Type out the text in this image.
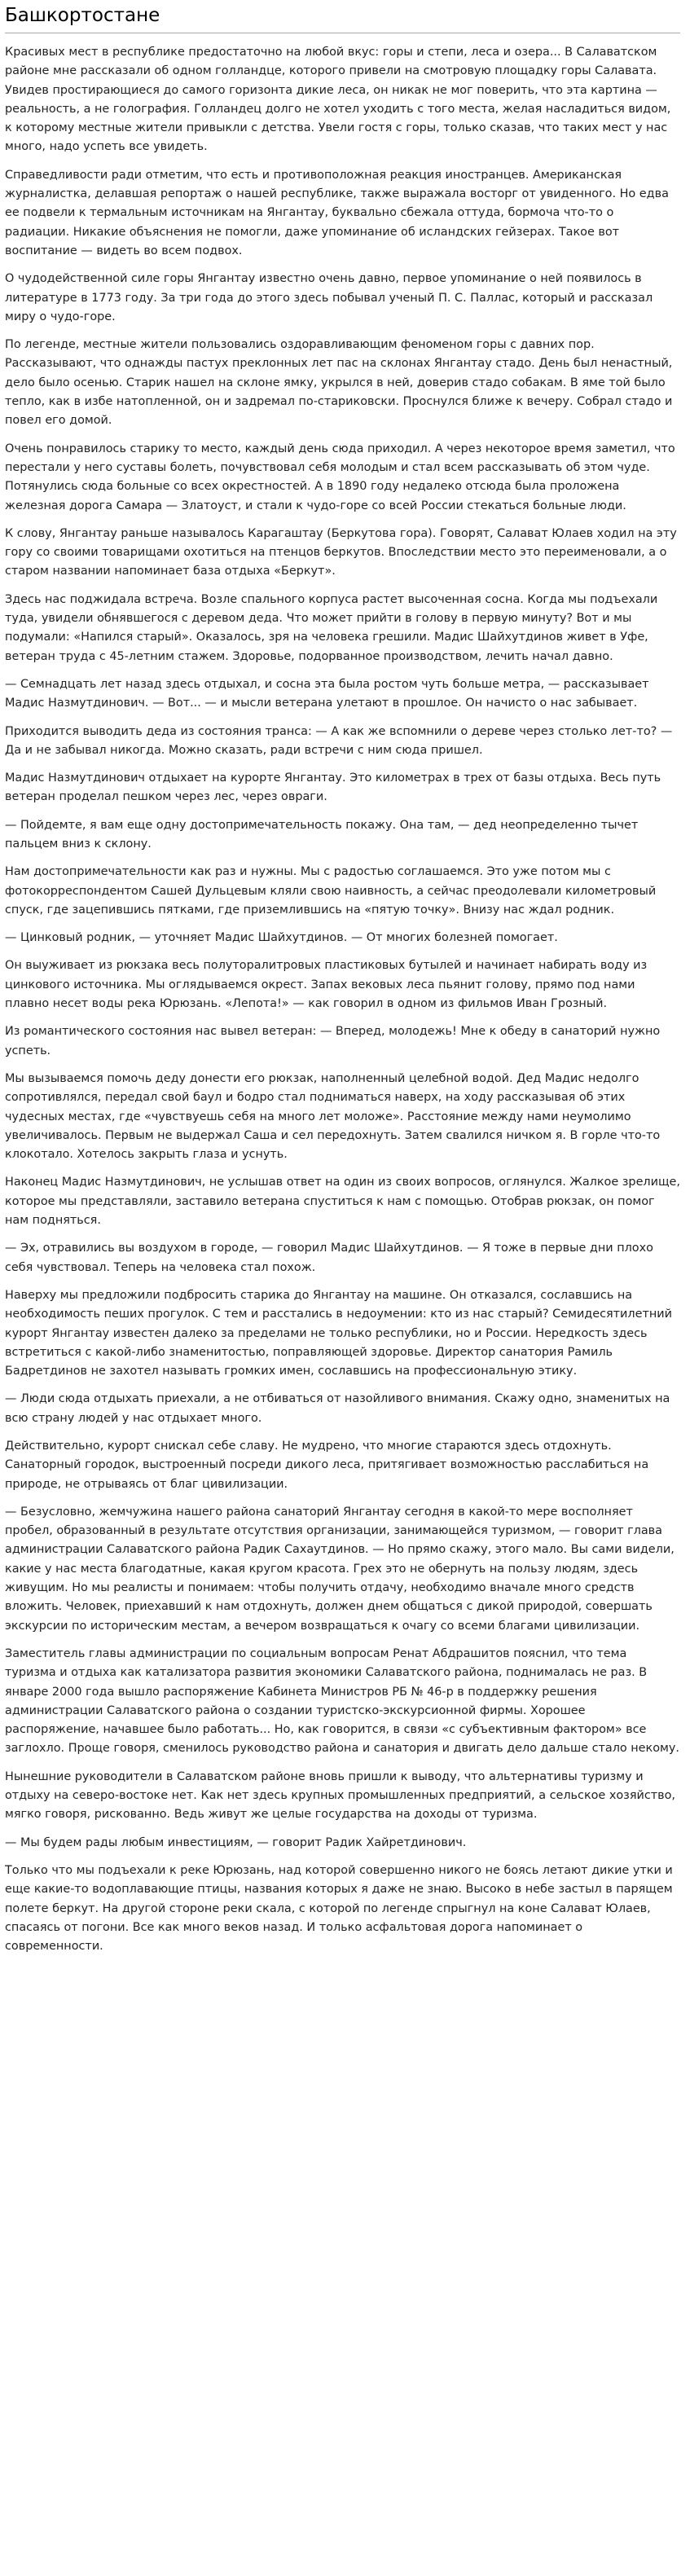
Башкортостане

Красивых мест в республике предостаточно на любой вкус: горы и степи, леса и озера... В Салаватском районе мне рассказали об одном голландце, которого привели на смотровую площадку горы Салавата. Увидев простирающиеся до самого горизонта дикие леса, он никак не мог поверить, что эта картина — реальность, а не голография. Голландец долго не хотел уходить с того места, желая насладиться видом, к которому местные жители привыкли с детства. Увели гостя с горы, только сказав, что таких мест у нас много, надо успеть все увидеть.

Справедливости ради отметим, что есть и противоположная реакция иностранцев. Американская журналистка, делавшая репортаж о нашей республике, также выражала восторг от увиденного. Но едва ее подвели к термальным источникам на Янгантау, буквально сбежала оттуда, бормоча что-то о радиации. Никакие объяснения не помогли, даже упоминание об исландских гейзерах. Такое вот воспитание — видеть во всем подвох.

О чудодейственной силе горы Янгантау известно очень давно, первое упоминание о ней появилось в литературе в 1773 году. За три года до этого здесь побывал ученый П. С. Паллас, который и рассказал миру о чудо-горе.

По легенде, местные жители пользовались оздоравливающим феноменом горы с давних пор. Рассказывают, что однажды пастух преклонных лет пас на склонах Янгантау стадо. День был ненастный, дело было осенью. Старик нашел на склоне ямку, укрылся в ней, доверив стадо собакам. В яме той было тепло, как в избе натопленной, он и задремал по-стариковски. Проснулся ближе к вечеру. Собрал стадо и повел его домой.

Очень понравилось старику то место, каждый день сюда приходил. А через некоторое время заметил, что перестали у него суставы болеть, почувствовал себя молодым и стал всем рассказывать об этом чуде. Потянулись сюда больные со всех окрестностей. А в 1890 году недалеко отсюда была проложена железная дорога Самара — Златоуст, и стали к чудо-горе со всей России стекаться больные люди.

К слову, Янгантау раньше называлось Карагаштау (Беркутова гора). Говорят, Салават Юлаев ходил на эту гору со своими товарищами охотиться на птенцов беркутов. Впоследствии место это переименовали, а о старом названии напоминает база отдыха «Беркут».

Здесь нас поджидала встреча. Возле спального корпуса растет высоченная сосна. Когда мы подъехали туда, увидели обнявшегося с деревом деда. Что может прийти в голову в первую минуту? Вот и мы подумали: «Напился старый». Оказалось, зря на человека грешили. Мадис Шайхутдинов живет в Уфе, ветеран труда с 45-летним стажем. Здоровье, подорванное производством, лечить начал давно.

— Семнадцать лет назад здесь отдыхал, и сосна эта была ростом чуть больше метра, — рассказывает Мадис Назмутдинович. — Вот... — и мысли ветерана улетают в прошлое. Он начисто о нас забывает.

Приходится выводить деда из состояния транса: — А как же вспомнили о дереве через столько лет-то? — Да и не забывал никогда. Можно сказать, ради встречи с ним сюда пришел.

Мадис Назмутдинович отдыхает на курорте Янгантау. Это километрах в трех от базы отдыха. Весь путь ветеран проделал пешком через лес, через овраги.

— Пойдемте, я вам еще одну достопримечательность покажу. Она там, — дед неопределенно тычет пальцем вниз к склону.

Нам достопримечательности как раз и нужны. Мы с радостью соглашаемся. Это уже потом мы с фотокорреспондентом Сашей Дульцевым кляли свою наивность, а сейчас преодолевали километровый спуск, где зацепившись пятками, где приземлившись на «пятую точку». Внизу нас ждал родник.

— Цинковый родник, — уточняет Мадис Шайхутдинов. — От многих болезней помогает.

Он выуживает из рюкзака весь полуторалитровых пластиковых бутылей и начинает набирать воду из цинкового источника. Мы оглядываемся окрест. Запах вековых леса пьянит голову, прямо под нами плавно несет воды река Юрюзань. «Лепота!» — как говорил в одном из фильмов Иван Грозный.

Из романтического состояния нас вывел ветеран: — Вперед, молодежь! Мне к обеду в санаторий нужно успеть.

Мы вызываемся помочь деду донести его рюкзак, наполненный целебной водой. Дед Мадис недолго сопротивлялся, передал свой баул и бодро стал подниматься наверх, на ходу рассказывая об этих чудесных местах, где «чувствуешь себя на много лет моложе». Расстояние между нами неумолимо увеличивалось. Первым не выдержал Саша и сел передохнуть. Затем свалился ничком я. В горле что-то клокотало. Хотелось закрыть глаза и уснуть.

Наконец Мадис Назмутдинович, не услышав ответ на один из своих вопросов, оглянулся. Жалкое зрелище, которое мы представляли, заставило ветерана спуститься к нам с помощью. Отобрав рюкзак, он помог нам подняться.

— Эх, отравились вы воздухом в городе, — говорил Мадис Шайхутдинов. — Я тоже в первые дни плохо себя чувствовал. Теперь на человека стал похож.

Наверху мы предложили подбросить старика до Янгантау на машине. Он отказался, сославшись на необходимость пеших прогулок. С тем и расстались в недоумении: кто из нас старый? Семидесятилетний курорт Янгантау известен далеко за пределами не только республики, но и России. Нередкость здесь встретиться с какой-либо знаменитостью, поправляющей здоровье. Директор санатория Рамиль Бадретдинов не захотел называть громких имен, сославшись на профессиональную этику.

— Люди сюда отдыхать приехали, а не отбиваться от назойливого внимания. Скажу одно, знаменитых на всю страну людей у нас отдыхает много.

Действительно, курорт снискал себе славу. Не мудрено, что многие стараются здесь отдохнуть. Санаторный городок, выстроенный посреди дикого леса, притягивает возможностью расслабиться на природе, не отрываясь от благ цивилизации.

— Безусловно, жемчужина нашего района санаторий Янгантау сегодня в какой-то мере восполняет пробел, образованный в результате отсутствия организации, занимающейся туризмом, — говорит глава администрации Салаватского района Радик Сахаутдинов. — Но прямо скажу, этого мало. Вы сами видели, какие у нас места благодатные, какая кругом красота. Грех это не обернуть на пользу людям, здесь живущим. Но мы реалисты и понимаем: чтобы получить отдачу, необходимо вначале много средств вложить. Человек, приехавший к нам отдохнуть, должен днем общаться с дикой природой, совершать экскурсии по историческим местам, а вечером возвращаться к очагу со всеми благами цивилизации.

Заместитель главы администрации по социальным вопросам Ренат Абдрашитов пояснил, что тема туризма и отдыха как катализатора развития экономики Салаватского района, поднималась не раз. В январе 2000 года вышло распоряжение Кабинета Министров РБ № 46-р в поддержку решения администрации Салаватского района о создании туристско-экскурсионной фирмы. Хорошее распоряжение, начавшее было работать... Но, как говорится, в связи «с субъективным фактором» все заглохло. Проще говоря, сменилось руководство района и санатория и двигать дело дальше стало некому.

Нынешние руководители в Салаватском районе вновь пришли к выводу, что альтернативы туризму и отдыху на северо-востоке нет. Как нет здесь крупных промышленных предприятий, а сельское хозяйство, мягко говоря, рискованно. Ведь живут же целые государства на доходы от туризма.

— Мы будем рады любым инвестициям, — говорит Радик Хайретдинович.

Только что мы подъехали к реке Юрюзань, над которой совершенно никого не боясь летают дикие утки и еще какие-то водоплавающие птицы, названия которых я даже не знаю. Высоко в небе застыл в парящем полете беркут. На другой стороне реки скала, с которой по легенде спрыгнул на коне Салават Юлаев, спасаясь от погони. Все как много веков назад. И только асфальтовая дорога напоминает о современности.
